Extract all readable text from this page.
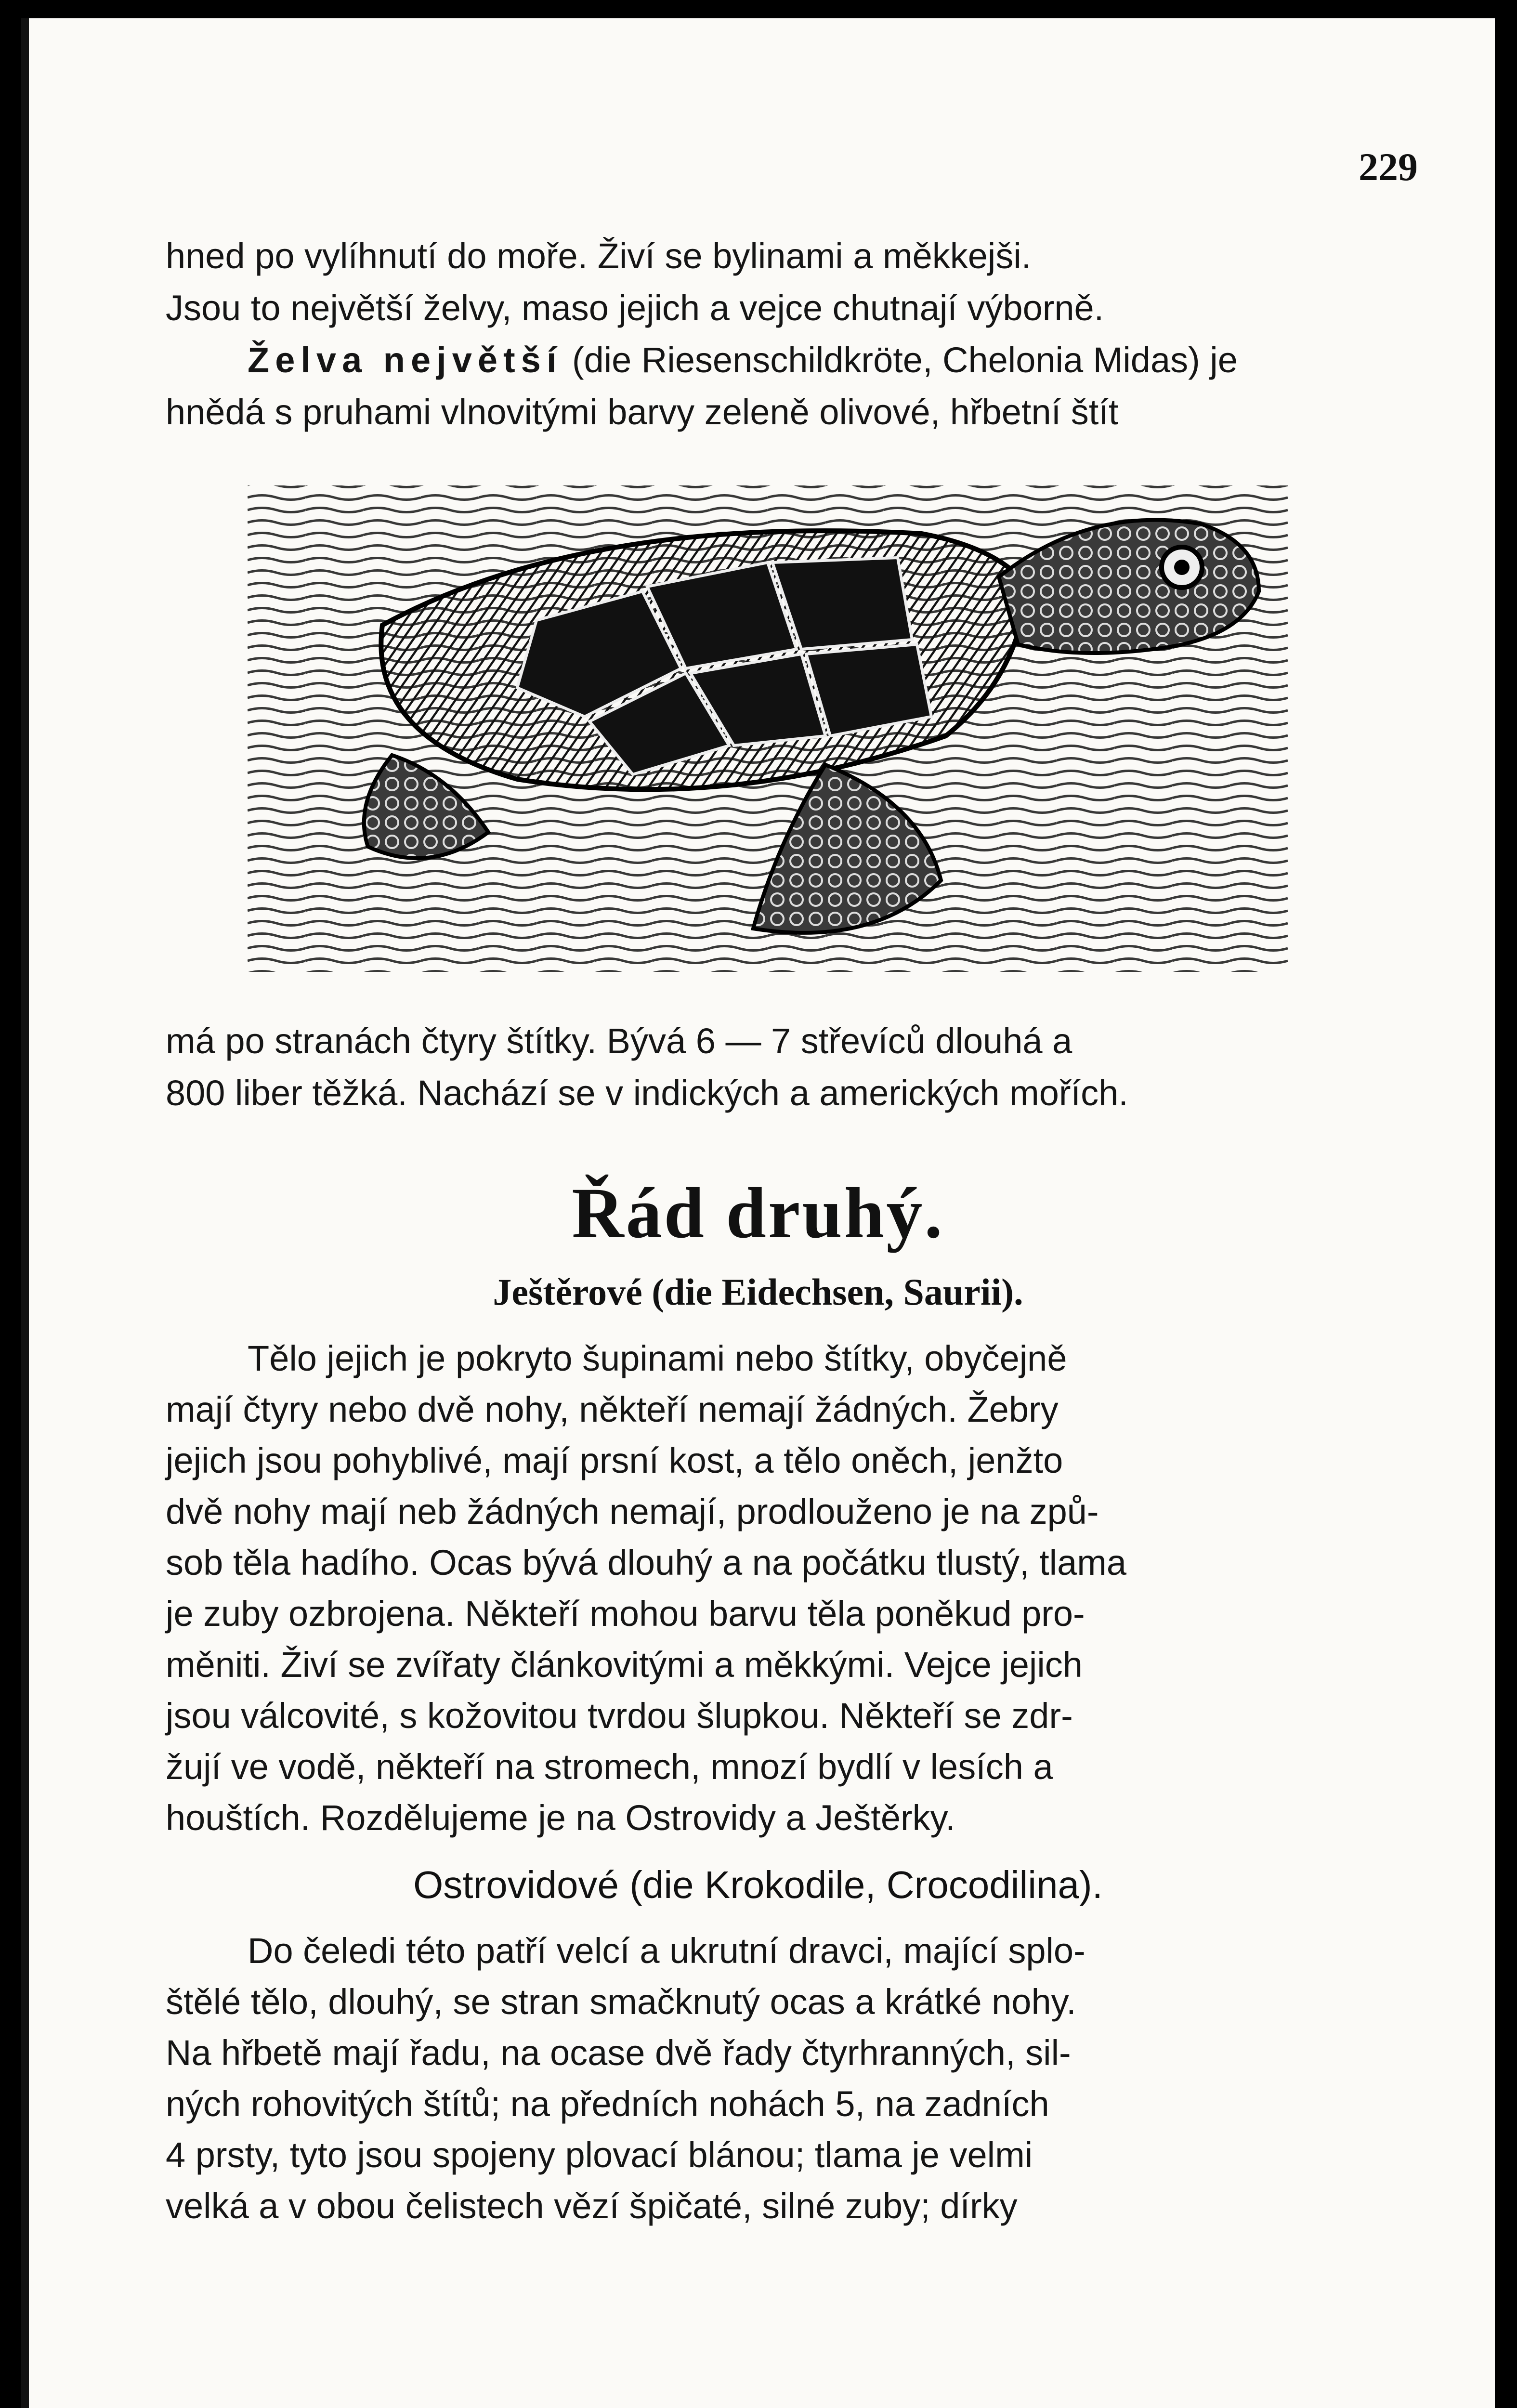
229

hned po vylíhnutí do moře. Živí se bylinami a měkkejši.

Jsou to největší želvy, maso jejich a vejce chutnají výborně.

Želva největší (die Riesenschildkröte, Chelonia Midas) je

hnědá s pruhami vlnovitými barvy zeleně olivové, hřbetní štít

má po stranách čtyry štítky. Bývá 6 — 7 střevíců dlouhá a

800 liber těžká. Nachází se v indických a amerických mořích.

Řád druhý.
Ještěrové (die Eidechsen, Saurii).

Tělo jejich je pokryto šupinami nebo štítky, obyčejně

mají čtyry nebo dvě nohy, někteří nemají žádných. Žebry

jejich jsou pohyblivé, mají prsní kost, a tělo oněch, jenžto

dvě nohy mají neb žádných nemají, prodlouženo je na způ-

sob těla hadího. Ocas bývá dlouhý a na počátku tlustý, tlama

je zuby ozbrojena. Někteří mohou barvu těla poněkud pro-

měniti. Živí se zvířaty článkovitými a měkkými. Vejce jejich

jsou válcovité, s kožovitou tvrdou šlupkou. Někteří se zdr-

žují ve vodě, někteří na stromech, mnozí bydlí v lesích a

houštích. Rozdělujeme je na Ostrovidy a Ještěrky.

Ostrovidové (die Krokodile, Crocodilina).

Do čeledi této patří velcí a ukrutní dravci, mající splo-

štělé tělo, dlouhý, se stran smačknutý ocas a krátké nohy.

Na hřbetě mají řadu, na ocase dvě řady čtyrhranných, sil-

ných rohovitých štítů; na předních nohách 5, na zadních

4 prsty, tyto jsou spojeny plovací blánou; tlama je velmi

velká a v obou čelistech vězí špičaté, silné zuby; dírky
